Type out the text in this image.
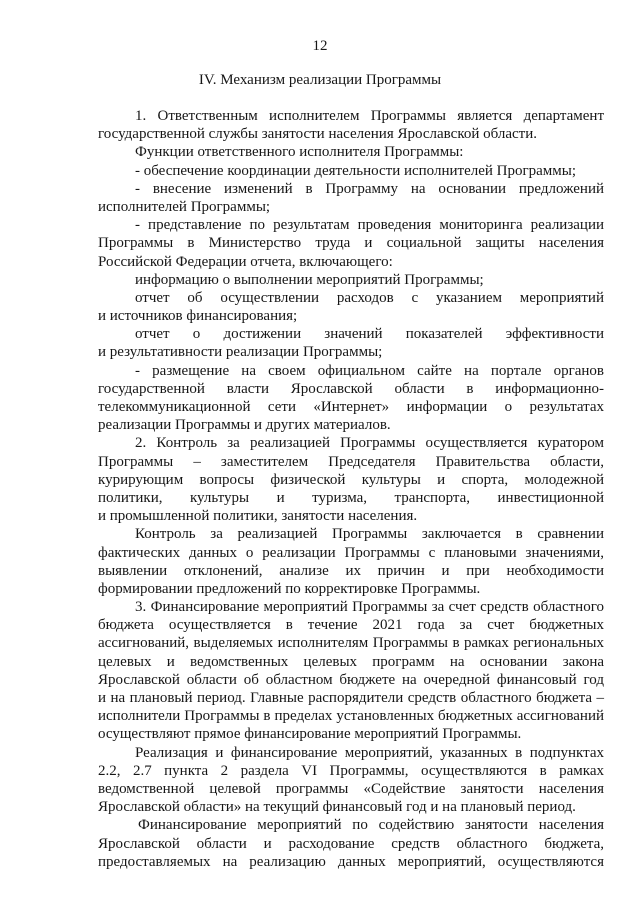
12
IV. Механизм реализации Программы
1. Ответственным исполнителем Программы является департамент
государственной службы занятости населения Ярославской области.
Функции ответственного исполнителя Программы:
- обеспечение координации деятельности исполнителей Программы;
- внесение изменений в Программу на основании предложений
исполнителей Программы;
- представление по результатам проведения мониторинга реализации
Программы в Министерство труда и социальной защиты населения
Российской Федерации отчета, включающего:
информацию о выполнении мероприятий Программы;
отчет об осуществлении расходов с указанием мероприятий
и источников финансирования;
отчет о достижении значений показателей эффективности
и результативности реализации Программы;
- размещение на своем официальном сайте на портале органов
государственной власти Ярославской области в информационно-
телекоммуникационной сети «Интернет» информации о результатах
реализации Программы и других материалов.
2. Контроль за реализацией Программы осуществляется куратором
Программы – заместителем Председателя Правительства области,
курирующим вопросы физической культуры и спорта, молодежной
политики, культуры и туризма, транспорта, инвестиционной
и промышленной политики, занятости населения.
Контроль за реализацией Программы заключается в сравнении
фактических данных о реализации Программы с плановыми значениями,
выявлении отклонений, анализе их причин и при необходимости
формировании предложений по корректировке Программы.
3. Финансирование мероприятий Программы за счет средств областного
бюджета осуществляется в течение 2021 года за счет бюджетных
ассигнований, выделяемых исполнителям Программы в рамках региональных
целевых и ведомственных целевых программ на основании закона
Ярославской области об областном бюджете на очередной финансовый год
и на плановый период. Главные распорядители средств областного бюджета –
исполнители Программы в пределах установленных бюджетных ассигнований
осуществляют прямое финансирование мероприятий Программы.
Реализация и финансирование мероприятий, указанных в подпунктах
2.2, 2.7 пункта 2 раздела VI Программы, осуществляются в рамках
ведомственной целевой программы «Содействие занятости населения
Ярославской области» на текущий финансовый год и на плановый период.
Финансирование мероприятий по содействию занятости населения
Ярославской области и расходование средств областного бюджета,
предоставляемых на реализацию данных мероприятий, осуществляются
